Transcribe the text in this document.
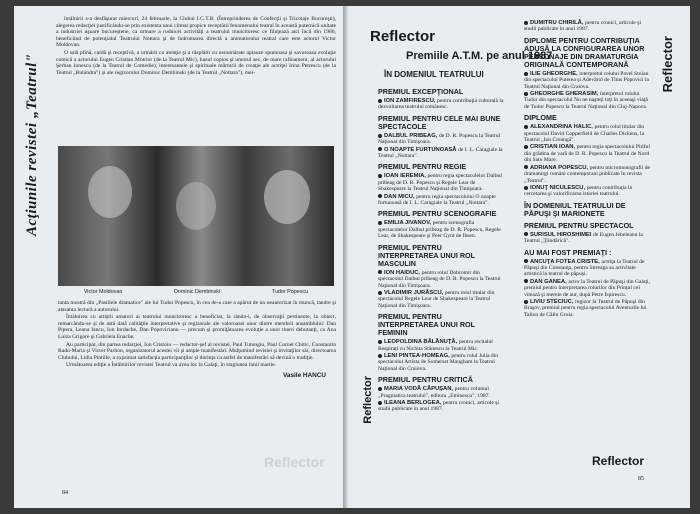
Acţiunile revistei „Teatrul"

întâlnirii s-a desfăşurat miercuri, 24 februarie, la Clubul I.C.T.B. (Întreprinderea de Confecţii şi Tricotaje Bucureşti), alegerea redacţiei justificându-se prin existenta unui climat propice receptării fenomenului teatral în această puternică unitate a industriei uşoare bucureştene, ca urmare a rodnicei activităţi a teatrului muncitoresc ce fiinţează aici încă din 1980, beneficiind de potenţialul Teatrului Nottara şi de îndrumarea directă a animatorului teatral care este actorul Victor Moldovan.

O sală plină, caldă şi receptivă, a urmărit cu atenţie şi a răsplătit cu nenumărate aplauze spumoasa şi savuroasa evoluţie comică a actorului Eugen Cristian Motrior (de la Teatrul Mic), hazul copios şi umorul sec, de mare rafinament, al actorului Şerban Ionescu (de la Teatrul de Comedie), interesantele şi spirituale mărturii de creaţie ale actriţei Irina Petrescu (de la Teatrul „Bulandra") şi ale regizorului Dominic Dembinski (de la Teatrul „Nottara"), mei-

Victor Moldovan	Dominic Dembinski	Tudor Popescu

tanta mostră din „Pastilele dramatice" ale lui Tudor Popescu, în cea de-a care a apărut de un neautorizat în muncă, tandre şi atasanta lectură a autorului.

Întâlnirea cu artiştii amatori ai teatrului muncitoresc a beneficiat, la rându-i, de observaţii pertinente, la obiect, remarcându-se şi de astă dată calităţile interpretative şi regizorale ale valoroasei unor dintre membrii ansamblului: Dan Pipera, Leana Iancu, Ion Iordache, Dan Popovicianu — precum şi promiţătoarea evoluţie a unor tineri debutanţi, ca Ana Luiza Grigore şi Gabriela Enache.

Au participat, din partea redacţiei, Ion Cristoiu — redactor-şef al revistei, Paul Tutungiu, Paul Cornel Chitic, Constantin Radu-Maria şi Victor Parhon, organizatorul acestei vii şi ample manifestări. Mulţumind revistei şi invitaţilor săi, directoarea Clubului, Lidia Pintilie, a exprimat satisfacţia participanţilor şi dorinţa ca astfel de manifestări să devină o tradiţie.

Următoarea ediţie a Întâlnirilor revistei Teatrul va avea loc la Galaţi, în stagiunea lunii martie.

Vasile HANCU
Reflector
84
Reflector
Premiile A.T.M. pe anul 1987
ÎN DOMENIUL TEATRULUI	Reflector
Reflector
Reflector
85
PREMIUL EXCEPŢIONAL
ION ZAMFIRESCU, pentru contribuţia culturală la dezvoltarea teatrului românesc.
PREMIUL PENTRU CELE MAI BUNE SPECTACOLE
DALBUL PRIBEAG, de D. R. Popescu la Teatrul Naţional din Timişoara.
O NOAPTE FURTUNOASĂ de I. L. Caragiale la Teatrul „Nottara".
PREMIUL PENTRU REGIE
IOAN IEREMIA, pentru regia spectacolelor Dalbul pribeag de D. R. Popescu şi Regele Lear de Shakespeare la Teatrul Naţional din Timişoara.
DAN MICU, pentru regia spectacolului O noapte furtunoasă de I. L. Caragiale la Teatrul „Nottara".
PREMIUL PENTRU SCENOGRAFIE
EMILIA JIVANOV, pentru scenografia spectacolelor Dalbul pribeag de D. R. Popescu, Regele Lear, de Shakespeare şi Peer Gynt de Ibsen.
PREMIUL PENTRU INTERPRETAREA UNUI ROL MASCULIN
ION HAIDUC, pentru rolul Dobromir din spectacolul Dalbul pribeag de D. R. Popescu la Teatrul Naţional din Timişoara.
VLADIMIR JURĂSCU, pentru rolul titular din spectacolul Regele Lear de Shakespeare la Teatrul Naţional din Timişoara.
PREMIUL PENTRU INTERPRETAREA UNUI ROL FEMININ
LEOPOLDINA BĂLĂNUŢĂ, pentru recitalul Respiraţi cu Nichita Stănescu la Teatrul Mic.
LENI PINTEA-HOMEAG, pentru rolul Julia din spectacolul Artista de Somerset Maugham la Teatrul Naţional din Craiova.
PREMIUL PENTRU CRITICĂ
MARIA VODĂ CĂPUŞAN, pentru volumul „Pragmatica teatrului", editura „Eminescu", 1987.
ILEANA BERLOGEA, pentru cronici, articole şi studii publicate în anul 1987.
DUMITRU CHIRILĂ, pentru cronici, articole şi studii publicate în anul 1987.
DIPLOME PENTRU CONTRIBUŢIA ADUSĂ LA CONFIGURAREA UNOR PERSONAJE DIN DRAMATURGIA ORIGINALĂ CONTEMPORANĂ
ILIE GHEORGHE, interpretul rolului Pavel Stoian din spectacolul Puterea şi Adevărul de Titus Popovici la Teatrul Naţional din Craiova.
GHEORGHE GHERASIM, interpretul rolului Tudor din spectacolul Nu ne naşteţi toţi în aceeaşi viaţă de Tudor Popescu la Teatrul Naţional din Cluj-Napoca.
DIPLOME
ALEXANDRINA HALIC, pentru rolul titular din spectacolul David Copperfield de Charles Dickens, la Teatrul „Ion Creangă".
CRISTIAN IOAN, pentru regia spectacolului Pitiful din grădina de vară de D. R. Popescu la Teatrul de Nord din Satu Mare.
ADRIANA POPESCU, pentru micromonografii de dramaturgi români contemporani publicate în revista „Teatrul".
IONUŢ NICULESCU, pentru contribuţia la cercetarea şi valorificarea istoriei teatrului.
ÎN DOMENIUL TEATRULUI DE PĂPUŞI ŞI MARIONETE
PREMIUL PENTRU SPECTACOL
SURISUL HIROSHIMEI de Eugen Jebeleanu la Teatrul „Ţăndărică".
AU MAI FOST PREMIAŢI :
ANCUŢA FOTEA CRISTE, actriţa la Teatrul de Păpuşi din Constanţa, pentru întreaga sa activitate artistică la teatrul de păpuşi.
DAN GANEA, actor la Teatrul de Păpuşi din Galaţi, premiul pentru interpretarea rolurilor din Prinţul cel vitează şi merele de aur, după Petre Ispirescu.
LIVIU STECIUC, regizor la Teatrul de Păpuşi din Braşov, premiul pentru regia spectacolul Aventurile lui Talion de Călin Gruia.
